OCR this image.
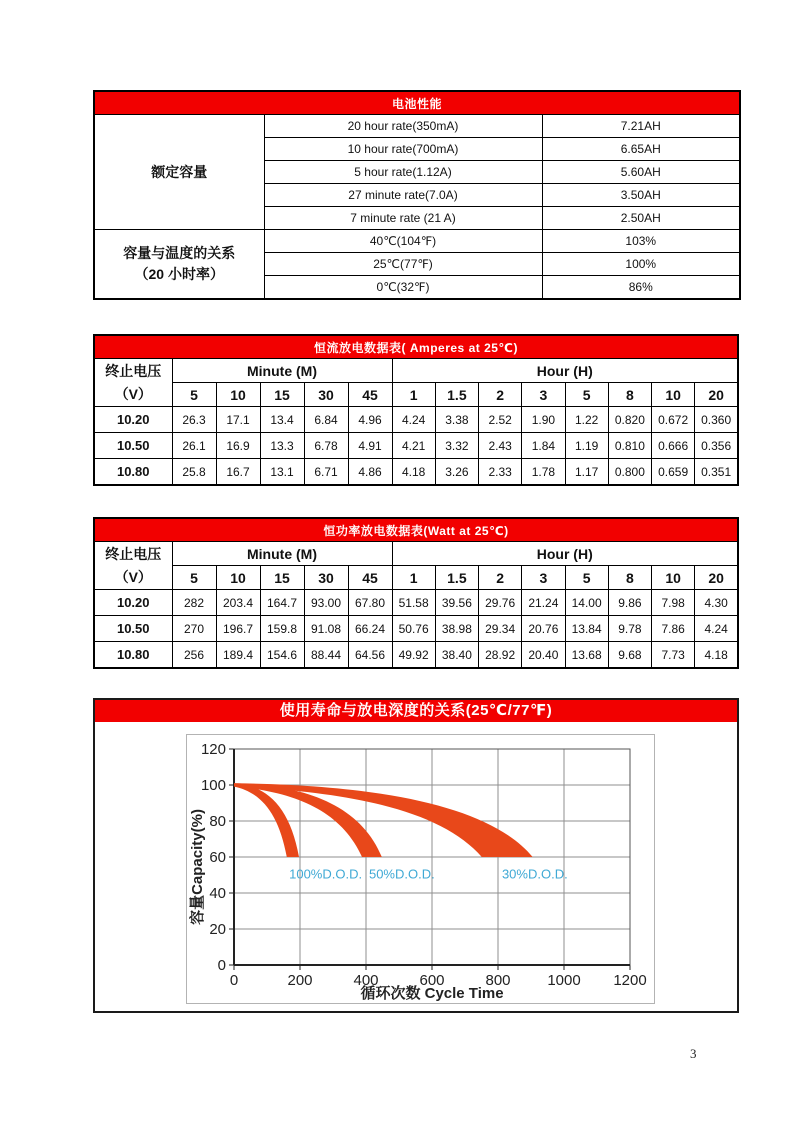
电池性能		
额定容量	20 hour rate(350mA)	7.21AH
	10 hour rate(700mA)	6.65AH
	5 hour rate(1.12A)	5.60AH
	27 minute rate(7.0A)	3.50AH
	7 minute rate (21 A)	2.50AH

容量与温度的关系
（20 小时率）	40℃(104℉)	103%
	25℃(77℉)	100%
	0℃(32℉)	86%
恒流放电数据表( Amperes at 25℃)													

终止电压
（V）	Minute (M)					Hour (H)							
	5	10	15	30	45	1	1.5	2	3	5	8	10	20
10.20	26.3	17.1	13.4	6.84	4.96	4.24	3.38	2.52	1.90	1.22	0.820	0.672	0.360
10.50	26.1	16.9	13.3	6.78	4.91	4.21	3.32	2.43	1.84	1.19	0.810	0.666	0.356
10.80	25.8	16.7	13.1	6.71	4.86	4.18	3.26	2.33	1.78	1.17	0.800	0.659	0.351
恒功率放电数据表(Watt at 25℃)													

终止电压
（V）	Minute (M)					Hour (H)							
	5	10	15	30	45	1	1.5	2	3	5	8	10	20
10.20	282	203.4	164.7	93.00	67.80	51.58	39.56	29.76	21.24	14.00	9.86	7.98	4.30
10.50	270	196.7	159.8	91.08	66.24	50.76	38.98	29.34	20.76	13.84	9.78	7.86	4.24
10.80	256	189.4	154.6	88.44	64.56	49.92	38.40	28.92	20.40	13.68	9.68	7.73	4.18
使用寿命与放电深度的关系(25℃/77℉)
0	200	400	600	800 1000 1200
0
20
40
60
80
100
120
100%D.O.D. 50%D.O.D.	30%D.O.D.
循环次数 Cycle Time
容量Capacity(%)
3
